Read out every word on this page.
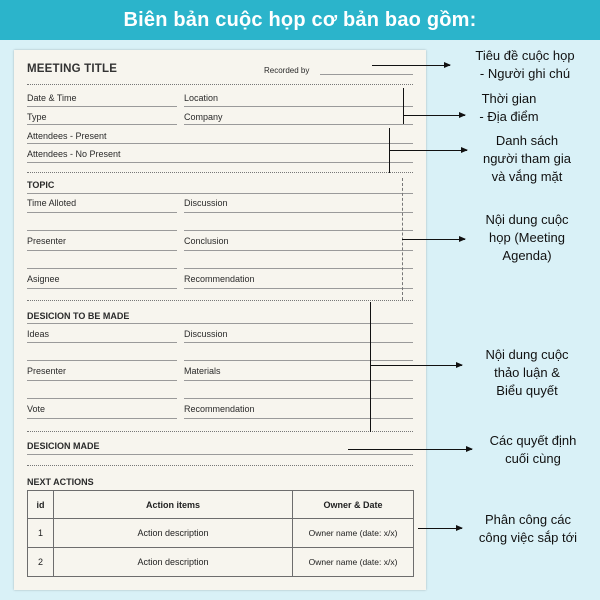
Biên bản cuộc họp cơ bản bao gồm:
MEETING TITLE	Recorded by
Date & Time	Location
Type	Company
Attendees - Present
Attendees - No Present
TOPIC
Time Alloted	Discussion
Presenter	Conclusion
Asignee	Recommendation
DESICION TO BE MADE
Ideas	Discussion
Presenter	Materials
Vote	Recommendation
DESICION MADE
NEXT ACTIONS
id	Action items	Owner & Date
1	Action description	Owner name (date: x/x)
2	Action description	Owner name (date: x/x)
Tiêu đề cuộc họp
- Người ghi chú
Thời gian
- Địa điểm
Danh sách
người tham gia
và vắng mặt
Nội dung cuộc
họp (Meeting
Agenda)
Nội dung cuộc
thảo luận &
Biểu quyết
Các quyết định
cuối cùng
Phân công các
công việc sắp tới
